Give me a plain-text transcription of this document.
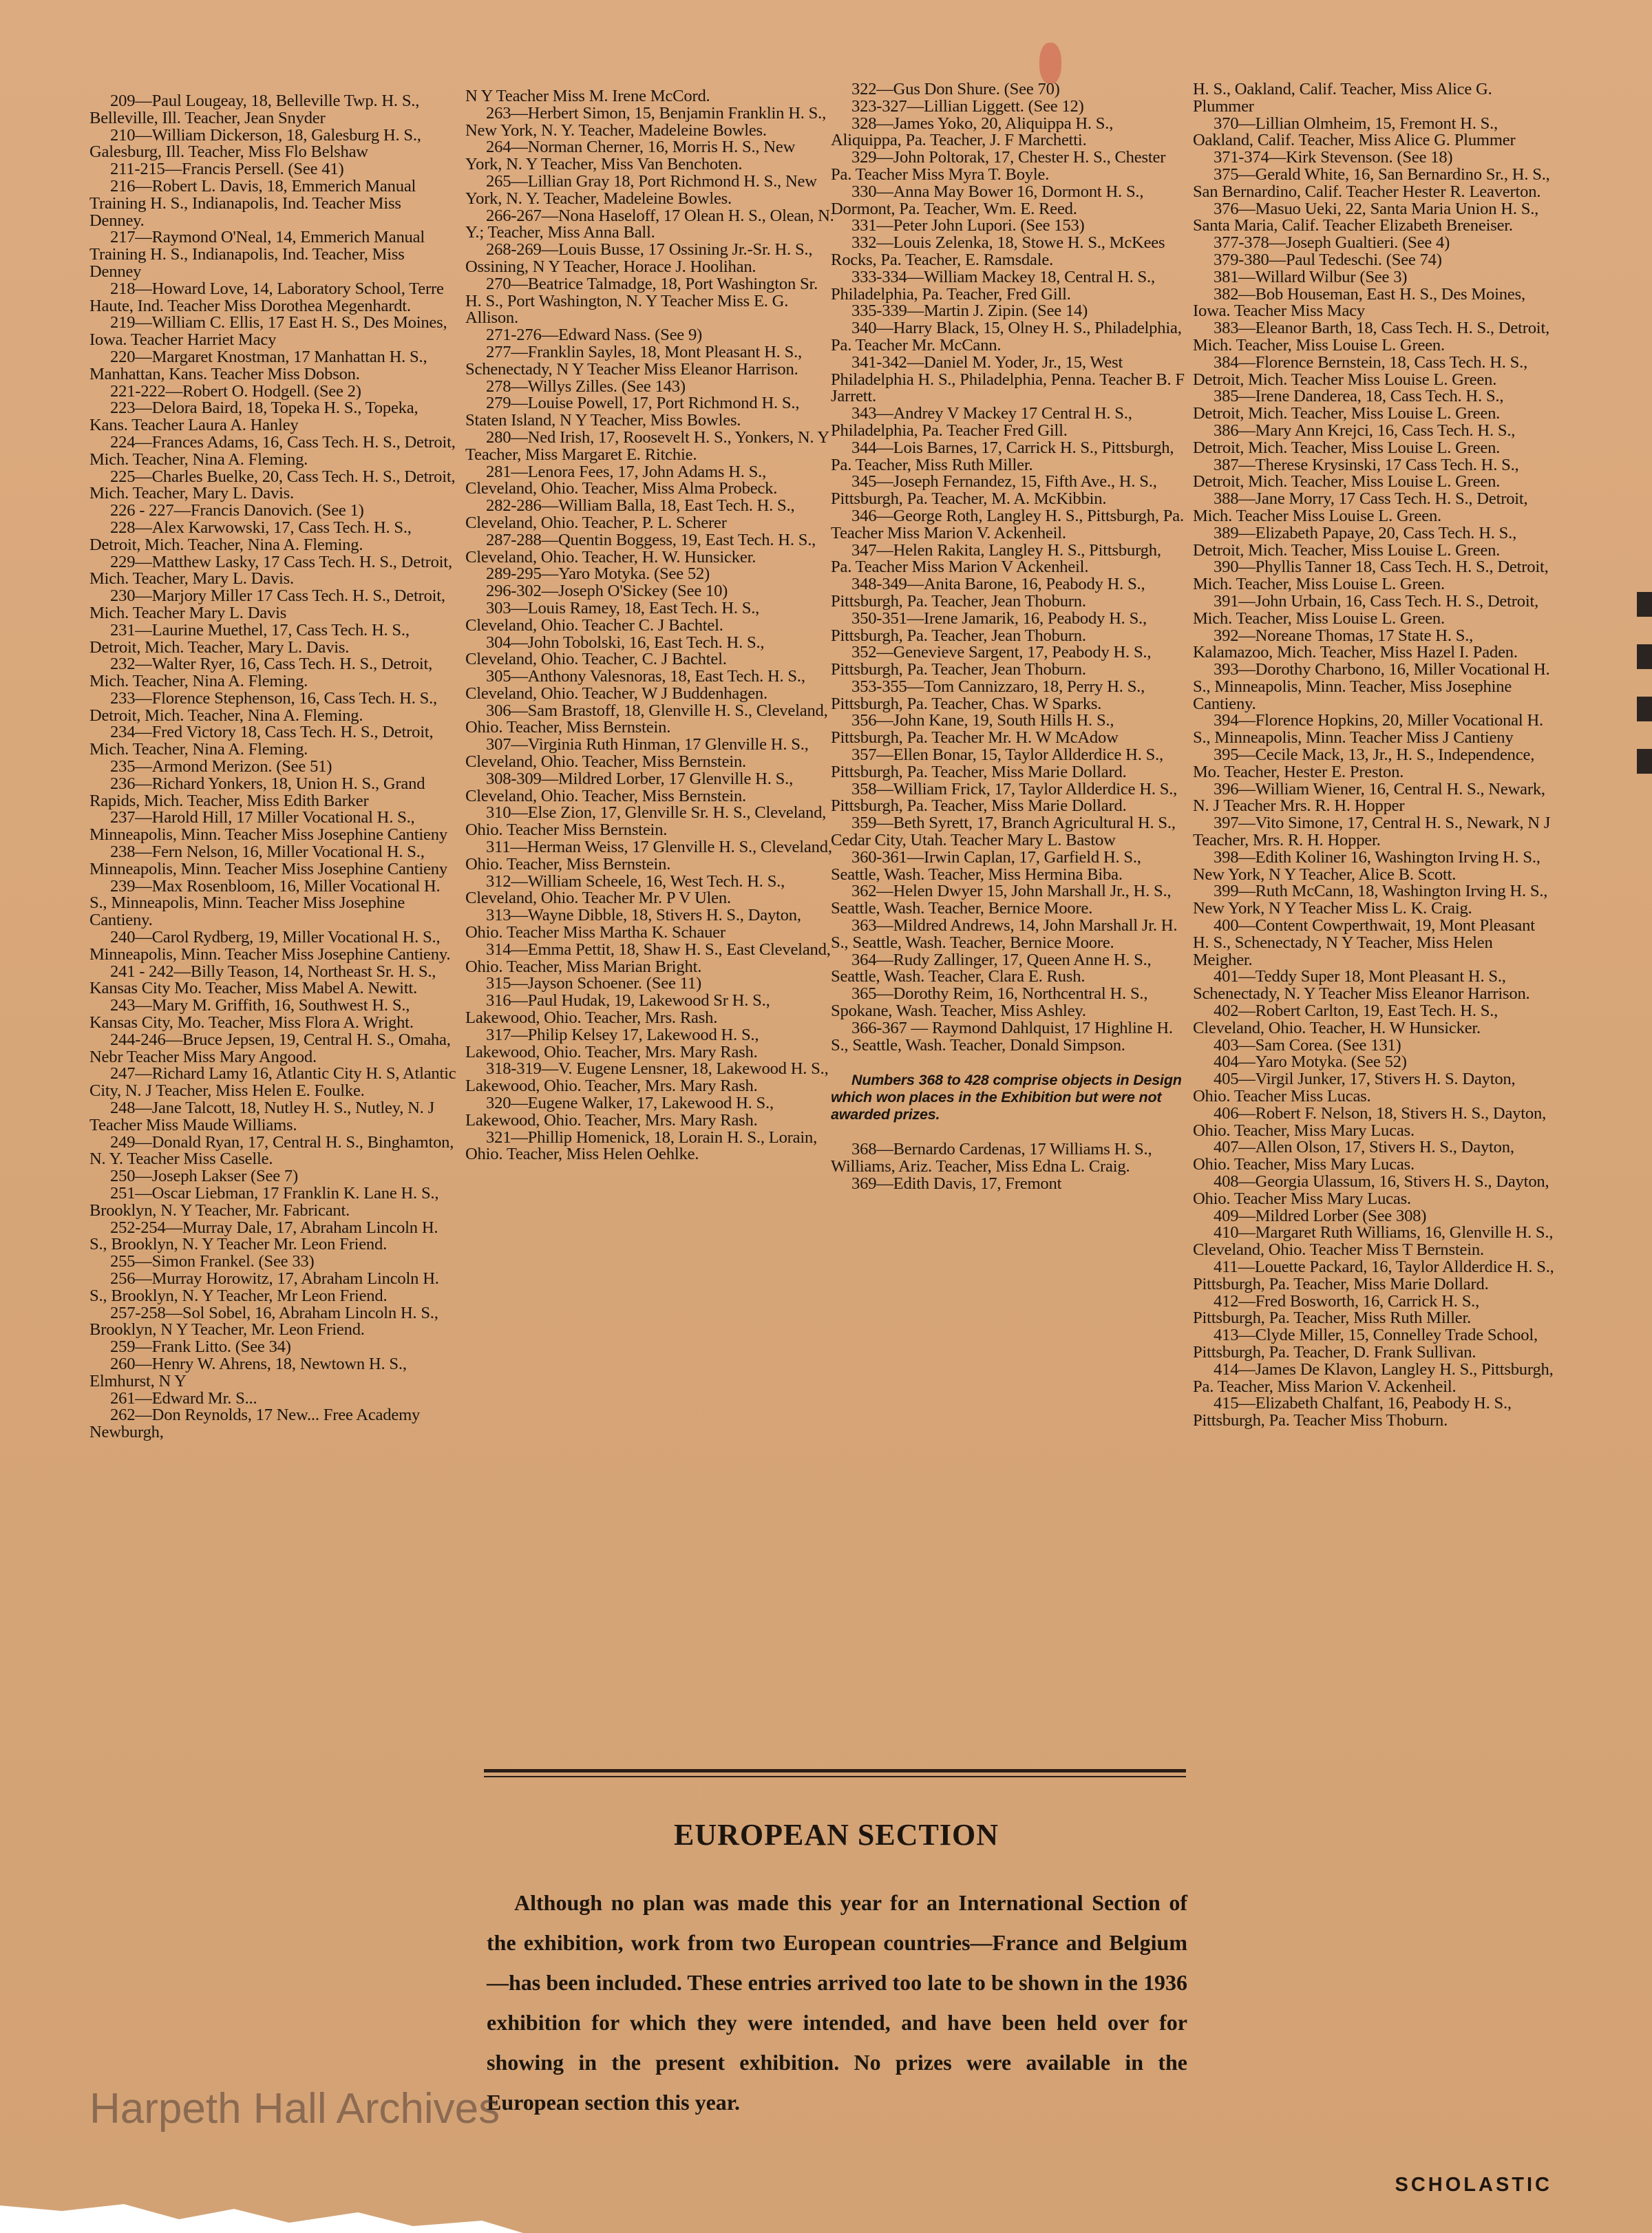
209—Paul Lougeay, 18, Belleville Twp. H. S., Belleville, Ill. Teacher, Jean Snyder

210—William Dickerson, 18, Galesburg H. S., Galesburg, Ill. Teacher, Miss Flo Belshaw

211-215—Francis Persell. (See 41)

216—Robert L. Davis, 18, Emmerich Manual Training H. S., Indianapolis, Ind. Teacher Miss Denney.

217—Raymond O'Neal, 14, Emmerich Manual Training H. S., Indianapolis, Ind. Teacher, Miss Denney

218—Howard Love, 14, Laboratory School, Terre Haute, Ind. Teacher Miss Dorothea Megenhardt.

219—William C. Ellis, 17 East H. S., Des Moines, Iowa. Teacher Harriet Macy

220—Margaret Knostman, 17 Manhattan H. S., Manhattan, Kans. Teacher Miss Dobson.

221-222—Robert O. Hodgell. (See 2)

223—Delora Baird, 18, Topeka H. S., Topeka, Kans. Teacher Laura A. Hanley

224—Frances Adams, 16, Cass Tech. H. S., Detroit, Mich. Teacher, Nina A. Fleming.

225—Charles Buelke, 20, Cass Tech. H. S., Detroit, Mich. Teacher, Mary L. Davis.

226 - 227—Francis Danovich. (See 1)

228—Alex Karwowski, 17, Cass Tech. H. S., Detroit, Mich. Teacher, Nina A. Fleming.

229—Matthew Lasky, 17 Cass Tech. H. S., Detroit, Mich. Teacher, Mary L. Davis.

230—Marjory Miller 17 Cass Tech. H. S., Detroit, Mich. Teacher Mary L. Davis

231—Laurine Muethel, 17, Cass Tech. H. S., Detroit, Mich. Teacher, Mary L. Davis.

232—Walter Ryer, 16, Cass Tech. H. S., Detroit, Mich. Teacher, Nina A. Fleming.

233—Florence Stephenson, 16, Cass Tech. H. S., Detroit, Mich. Teacher, Nina A. Fleming.

234—Fred Victory 18, Cass Tech. H. S., Detroit, Mich. Teacher, Nina A. Fleming.

235—Armond Merizon. (See 51)

236—Richard Yonkers, 18, Union H. S., Grand Rapids, Mich. Teacher, Miss Edith Barker

237—Harold Hill, 17 Miller Vocational H. S., Minneapolis, Minn. Teacher Miss Josephine Cantieny

238—Fern Nelson, 16, Miller Vocational H. S., Minneapolis, Minn. Teacher Miss Josephine Cantieny

239—Max Rosenbloom, 16, Miller Vocational H. S., Minneapolis, Minn. Teacher Miss Josephine Cantieny.

240—Carol Rydberg, 19, Miller Vocational H. S., Minneapolis, Minn. Teacher Miss Josephine Cantieny.

241 - 242—Billy Teason, 14, Northeast Sr. H. S., Kansas City Mo. Teacher, Miss Mabel A. Newitt.

243—Mary M. Griffith, 16, Southwest H. S., Kansas City, Mo. Teacher, Miss Flora A. Wright.

244-246—Bruce Jepsen, 19, Central H. S., Omaha, Nebr Teacher Miss Mary Angood.

247—Richard Lamy 16, Atlantic City H. S, Atlantic City, N. J Teacher, Miss Helen E. Foulke.

248—Jane Talcott, 18, Nutley H. S., Nutley, N. J Teacher Miss Maude Williams.

249—Donald Ryan, 17, Central H. S., Binghamton, N. Y. Teacher Miss Caselle.

250—Joseph Lakser (See 7)

251—Oscar Liebman, 17 Franklin K. Lane H. S., Brooklyn, N. Y Teacher, Mr. Fabricant.

252-254—Murray Dale, 17, Abraham Lincoln H. S., Brooklyn, N. Y Teacher Mr. Leon Friend.

255—Simon Frankel. (See 33)

256—Murray Horowitz, 17, Abraham Lincoln H. S., Brooklyn, N. Y Teacher, Mr Leon Friend.

257-258—Sol Sobel, 16, Abraham Lincoln H. S., Brooklyn, N Y Teacher, Mr. Leon Friend.

259—Frank Litto. (See 34)

260—Henry W. Ahrens, 18, Newtown H. S., Elmhurst, N Y

261—Edward Mr. S...

262—Don Reynolds, 17 New... Free Academy Newburgh,

N Y Teacher Miss M. Irene McCord.

263—Herbert Simon, 15, Benjamin Franklin H. S., New York, N. Y. Teacher, Madeleine Bowles.

264—Norman Cherner, 16, Morris H. S., New York, N. Y Teacher, Miss Van Benchoten.

265—Lillian Gray 18, Port Richmond H. S., New York, N. Y. Teacher, Madeleine Bowles.

266-267—Nona Haseloff, 17 Olean H. S., Olean, N. Y.; Teacher, Miss Anna Ball.

268-269—Louis Busse, 17 Ossining Jr.-Sr. H. S., Ossining, N Y Teacher, Horace J. Hoolihan.

270—Beatrice Talmadge, 18, Port Washington Sr. H. S., Port Washington, N. Y Teacher Miss E. G. Allison.

271-276—Edward Nass. (See 9)

277—Franklin Sayles, 18, Mont Pleasant H. S., Schenectady, N Y Teacher Miss Eleanor Harrison.

278—Willys Zilles. (See 143)

279—Louise Powell, 17, Port Richmond H. S., Staten Island, N Y Teacher, Miss Bowles.

280—Ned Irish, 17, Roosevelt H. S., Yonkers, N. Y Teacher, Miss Margaret E. Ritchie.

281—Lenora Fees, 17, John Adams H. S., Cleveland, Ohio. Teacher, Miss Alma Probeck.

282-286—William Balla, 18, East Tech. H. S., Cleveland, Ohio. Teacher, P. L. Scherer

287-288—Quentin Boggess, 19, East Tech. H. S., Cleveland, Ohio. Teacher, H. W. Hunsicker.

289-295—Yaro Motyka. (See 52)

296-302—Joseph O'Sickey (See 10)

303—Louis Ramey, 18, East Tech. H. S., Cleveland, Ohio. Teacher C. J Bachtel.

304—John Tobolski, 16, East Tech. H. S., Cleveland, Ohio. Teacher, C. J Bachtel.

305—Anthony Valesnoras, 18, East Tech. H. S., Cleveland, Ohio. Teacher, W J Buddenhagen.

306—Sam Brastoff, 18, Glenville H. S., Cleveland, Ohio. Teacher, Miss Bernstein.

307—Virginia Ruth Hinman, 17 Glenville H. S., Cleveland, Ohio. Teacher, Miss Bernstein.

308-309—Mildred Lorber, 17 Glenville H. S., Cleveland, Ohio. Teacher, Miss Bernstein.

310—Else Zion, 17, Glenville Sr. H. S., Cleveland, Ohio. Teacher Miss Bernstein.

311—Herman Weiss, 17 Glenville H. S., Cleveland, Ohio. Teacher, Miss Bernstein.

312—William Scheele, 16, West Tech. H. S., Cleveland, Ohio. Teacher Mr. P V Ulen.

313—Wayne Dibble, 18, Stivers H. S., Dayton, Ohio. Teacher Miss Martha K. Schauer

314—Emma Pettit, 18, Shaw H. S., East Cleveland, Ohio. Teacher, Miss Marian Bright.

315—Jayson Schoener. (See 11)

316—Paul Hudak, 19, Lakewood Sr H. S., Lakewood, Ohio. Teacher, Mrs. Rash.

317—Philip Kelsey 17, Lakewood H. S., Lakewood, Ohio. Teacher, Mrs. Mary Rash.

318-319—V. Eugene Lensner, 18, Lakewood H. S., Lakewood, Ohio. Teacher, Mrs. Mary Rash.

320—Eugene Walker, 17, Lakewood H. S., Lakewood, Ohio. Teacher, Mrs. Mary Rash.

321—Phillip Homenick, 18, Lorain H. S., Lorain, Ohio. Teacher, Miss Helen Oehlke.

322—Gus Don Shure. (See 70)

323-327—Lillian Liggett. (See 12)

328—James Yoko, 20, Aliquippa H. S., Aliquippa, Pa. Teacher, J. F Marchetti.

329—John Poltorak, 17, Chester H. S., Chester Pa. Teacher Miss Myra T. Boyle.

330—Anna May Bower 16, Dormont H. S., Dormont, Pa. Teacher, Wm. E. Reed.

331—Peter John Lupori. (See 153)

332—Louis Zelenka, 18, Stowe H. S., McKees Rocks, Pa. Teacher, E. Ramsdale.

333-334—William Mackey 18, Central H. S., Philadelphia, Pa. Teacher, Fred Gill.

335-339—Martin J. Zipin. (See 14)

340—Harry Black, 15, Olney H. S., Philadelphia, Pa. Teacher Mr. McCann.

341-342—Daniel M. Yoder, Jr., 15, West Philadelphia H. S., Philadelphia, Penna. Teacher B. F Jarrett.

343—Andrey V Mackey 17 Central H. S., Philadelphia, Pa. Teacher Fred Gill.

344—Lois Barnes, 17, Carrick H. S., Pittsburgh, Pa. Teacher, Miss Ruth Miller.

345—Joseph Fernandez, 15, Fifth Ave., H. S., Pittsburgh, Pa. Teacher, M. A. McKibbin.

346—George Roth, Langley H. S., Pittsburgh, Pa. Teacher Miss Marion V. Ackenheil.

347—Helen Rakita, Langley H. S., Pittsburgh, Pa. Teacher Miss Marion V Ackenheil.

348-349—Anita Barone, 16, Peabody H. S., Pittsburgh, Pa. Teacher, Jean Thoburn.

350-351—Irene Jamarik, 16, Peabody H. S., Pittsburgh, Pa. Teacher, Jean Thoburn.

352—Genevieve Sargent, 17, Peabody H. S., Pittsburgh, Pa. Teacher, Jean Thoburn.

353-355—Tom Cannizzaro, 18, Perry H. S., Pittsburgh, Pa. Teacher, Chas. W Sparks.

356—John Kane, 19, South Hills H. S., Pittsburgh, Pa. Teacher Mr. H. W McAdow

357—Ellen Bonar, 15, Taylor Allderdice H. S., Pittsburgh, Pa. Teacher, Miss Marie Dollard.

358—William Frick, 17, Taylor Allderdice H. S., Pittsburgh, Pa. Teacher, Miss Marie Dollard.

359—Beth Syrett, 17, Branch Agricultural H. S., Cedar City, Utah. Teacher Mary L. Bastow

360-361—Irwin Caplan, 17, Garfield H. S., Seattle, Wash. Teacher, Miss Hermina Biba.

362—Helen Dwyer 15, John Marshall Jr., H. S., Seattle, Wash. Teacher, Bernice Moore.

363—Mildred Andrews, 14, John Marshall Jr. H. S., Seattle, Wash. Teacher, Bernice Moore.

364—Rudy Zallinger, 17, Queen Anne H. S., Seattle, Wash. Teacher, Clara E. Rush.

365—Dorothy Reim, 16, Northcentral H. S., Spokane, Wash. Teacher, Miss Ashley.

366-367 — Raymond Dahlquist, 17 Highline H. S., Seattle, Wash. Teacher, Donald Simpson.

Numbers 368 to 428 comprise objects in Design which won places in the Exhibition but were not awarded prizes.

368—Bernardo Cardenas, 17 Williams H. S., Williams, Ariz. Teacher, Miss Edna L. Craig.

369—Edith Davis, 17, Fremont

H. S., Oakland, Calif. Teacher, Miss Alice G. Plummer

370—Lillian Olmheim, 15, Fremont H. S., Oakland, Calif. Teacher, Miss Alice G. Plummer

371-374—Kirk Stevenson. (See 18)

375—Gerald White, 16, San Bernardino Sr., H. S., San Bernardino, Calif. Teacher Hester R. Leaverton.

376—Masuo Ueki, 22, Santa Maria Union H. S., Santa Maria, Calif. Teacher Elizabeth Breneiser.

377-378—Joseph Gualtieri. (See 4)

379-380—Paul Tedeschi. (See 74)

381—Willard Wilbur (See 3)

382—Bob Houseman, East H. S., Des Moines, Iowa. Teacher Miss Macy

383—Eleanor Barth, 18, Cass Tech. H. S., Detroit, Mich. Teacher, Miss Louise L. Green.

384—Florence Bernstein, 18, Cass Tech. H. S., Detroit, Mich. Teacher Miss Louise L. Green.

385—Irene Danderea, 18, Cass Tech. H. S., Detroit, Mich. Teacher, Miss Louise L. Green.

386—Mary Ann Krejci, 16, Cass Tech. H. S., Detroit, Mich. Teacher, Miss Louise L. Green.

387—Therese Krysinski, 17 Cass Tech. H. S., Detroit, Mich. Teacher, Miss Louise L. Green.

388—Jane Morry, 17 Cass Tech. H. S., Detroit, Mich. Teacher Miss Louise L. Green.

389—Elizabeth Papaye, 20, Cass Tech. H. S., Detroit, Mich. Teacher, Miss Louise L. Green.

390—Phyllis Tanner 18, Cass Tech. H. S., Detroit, Mich. Teacher, Miss Louise L. Green.

391—John Urbain, 16, Cass Tech. H. S., Detroit, Mich. Teacher, Miss Louise L. Green.

392—Noreane Thomas, 17 State H. S., Kalamazoo, Mich. Teacher, Miss Hazel I. Paden.

393—Dorothy Charbono, 16, Miller Vocational H. S., Minneapolis, Minn. Teacher, Miss Josephine Cantieny.

394—Florence Hopkins, 20, Miller Vocational H. S., Minneapolis, Minn. Teacher Miss J Cantieny

395—Cecile Mack, 13, Jr., H. S., Independence, Mo. Teacher, Hester E. Preston.

396—William Wiener, 16, Central H. S., Newark, N. J Teacher Mrs. R. H. Hopper

397—Vito Simone, 17, Central H. S., Newark, N J Teacher, Mrs. R. H. Hopper.

398—Edith Koliner 16, Washington Irving H. S., New York, N Y Teacher, Alice B. Scott.

399—Ruth McCann, 18, Washington Irving H. S., New York, N Y Teacher Miss L. K. Craig.

400—Content Cowperthwait, 19, Mont Pleasant H. S., Schenectady, N Y Teacher, Miss Helen Meigher.

401—Teddy Super 18, Mont Pleasant H. S., Schenectady, N. Y Teacher Miss Eleanor Harrison.

402—Robert Carlton, 19, East Tech. H. S., Cleveland, Ohio. Teacher, H. W Hunsicker.

403—Sam Corea. (See 131)

404—Yaro Motyka. (See 52)

405—Virgil Junker, 17, Stivers H. S. Dayton, Ohio. Teacher Miss Lucas.

406—Robert F. Nelson, 18, Stivers H. S., Dayton, Ohio. Teacher, Miss Mary Lucas.

407—Allen Olson, 17, Stivers H. S., Dayton, Ohio. Teacher, Miss Mary Lucas.

408—Georgia Ulassum, 16, Stivers H. S., Dayton, Ohio. Teacher Miss Mary Lucas.

409—Mildred Lorber (See 308)

410—Margaret Ruth Williams, 16, Glenville H. S., Cleveland, Ohio. Teacher Miss T Bernstein.

411—Louette Packard, 16, Taylor Allderdice H. S., Pittsburgh, Pa. Teacher, Miss Marie Dollard.

412—Fred Bosworth, 16, Carrick H. S., Pittsburgh, Pa. Teacher, Miss Ruth Miller.

413—Clyde Miller, 15, Connelley Trade School, Pittsburgh, Pa. Teacher, D. Frank Sullivan.

414—James De Klavon, Langley H. S., Pittsburgh, Pa. Teacher, Miss Marion V. Ackenheil.

415—Elizabeth Chalfant, 16, Peabody H. S., Pittsburgh, Pa. Teacher Miss Thoburn.

EUROPEAN SECTION

Although no plan was made this year for an International Section of the exhibition, work from two European countries—France and Belgium—has been included. These entries arrived too late to be shown in the 1936 exhibition for which they were intended, and have been held over for showing in the present exhibition. No prizes were available in the European section this year.

SCHOLASTIC
Harpeth Hall Archives
